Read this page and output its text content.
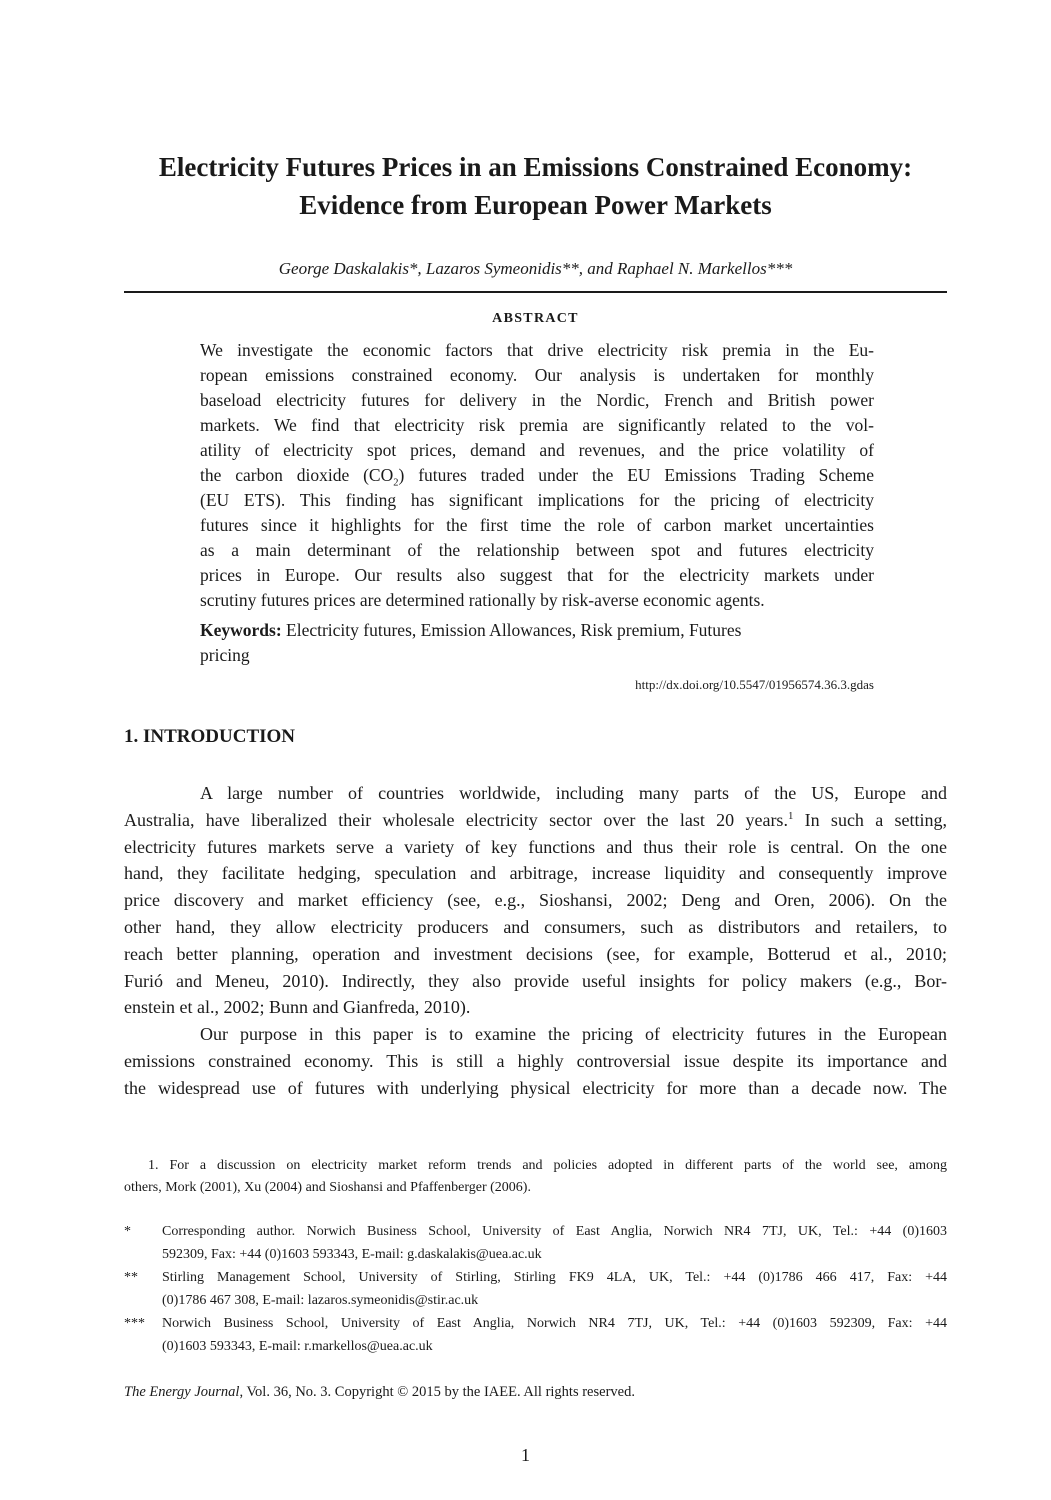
Electricity Futures Prices in an Emissions Constrained Economy:
Evidence from European Power Markets
George Daskalakis*, Lazaros Symeonidis**, and Raphael N. Markellos***
ABSTRACT
We investigate the economic factors that drive electricity risk premia in the Eu-
ropean emissions constrained economy. Our analysis is undertaken for monthly
baseload electricity futures for delivery in the Nordic, French and British power
markets. We find that electricity risk premia are significantly related to the vol-
atility of electricity spot prices, demand and revenues, and the price volatility of
the carbon dioxide $(CO_2)$ futures traded under the EU Emissions Trading Scheme
(EU ETS). This finding has significant implications for the pricing of electricity
futures since it highlights for the first time the role of carbon market uncertainties
as a main determinant of the relationship between spot and futures electricity
prices in Europe. Our results also suggest that for the electricity markets under
scrutiny futures prices are determined rationally by risk-averse economic agents.
Keywords: Electricity futures, Emission Allowances, Risk premium, Futures
pricing
http://dx.doi.org/10.5547/01956574.36.3.gdas
1. INTRODUCTION
A large number of countries worldwide, including many parts of the US, Europe and
Australia, have liberalized their wholesale electricity sector over the last 20 years.$^1$ In such a setting,
electricity futures markets serve a variety of key functions and thus their role is central. On the one
hand, they facilitate hedging, speculation and arbitrage, increase liquidity and consequently improve
price discovery and market efficiency (see, e.g., Sioshansi, 2002; Deng and Oren, 2006). On the
other hand, they allow electricity producers and consumers, such as distributors and retailers, to
reach better planning, operation and investment decisions (see, for example, Botterud et al., 2010;
Furió and Meneu, 2010). Indirectly, they also provide useful insights for policy makers (e.g., Bor-
enstein et al., 2002; Bunn and Gianfreda, 2010).
Our purpose in this paper is to examine the pricing of electricity futures in the European
emissions constrained economy. This is still a highly controversial issue despite its importance and
the widespread use of futures with underlying physical electricity for more than a decade now. The
1. For a discussion on electricity market reform trends and policies adopted in different parts of the world see, among
others, Mork (2001), Xu (2004) and Sioshansi and Pfaffenberger (2006).
* Corresponding author. Norwich Business School, University of East Anglia, Norwich NR4 7TJ, UK, Tel.: +44 (0)1603
592309, Fax: +44 (0)1603 593343, E-mail: g.daskalakis@uea.ac.uk
** Stirling Management School, University of Stirling, Stirling FK9 4LA, UK, Tel.: +44 (0)1786 466 417, Fax: +44
(0)1786 467 308, E-mail: lazaros.symeonidis@stir.ac.uk
*** Norwich Business School, University of East Anglia, Norwich NR4 7TJ, UK, Tel.: +44 (0)1603 592309, Fax: +44
(0)1603 593343, E-mail: r.markellos@uea.ac.uk
The Energy Journal, Vol. 36, No. 3. Copyright © 2015 by the IAEE. All rights reserved.
1
